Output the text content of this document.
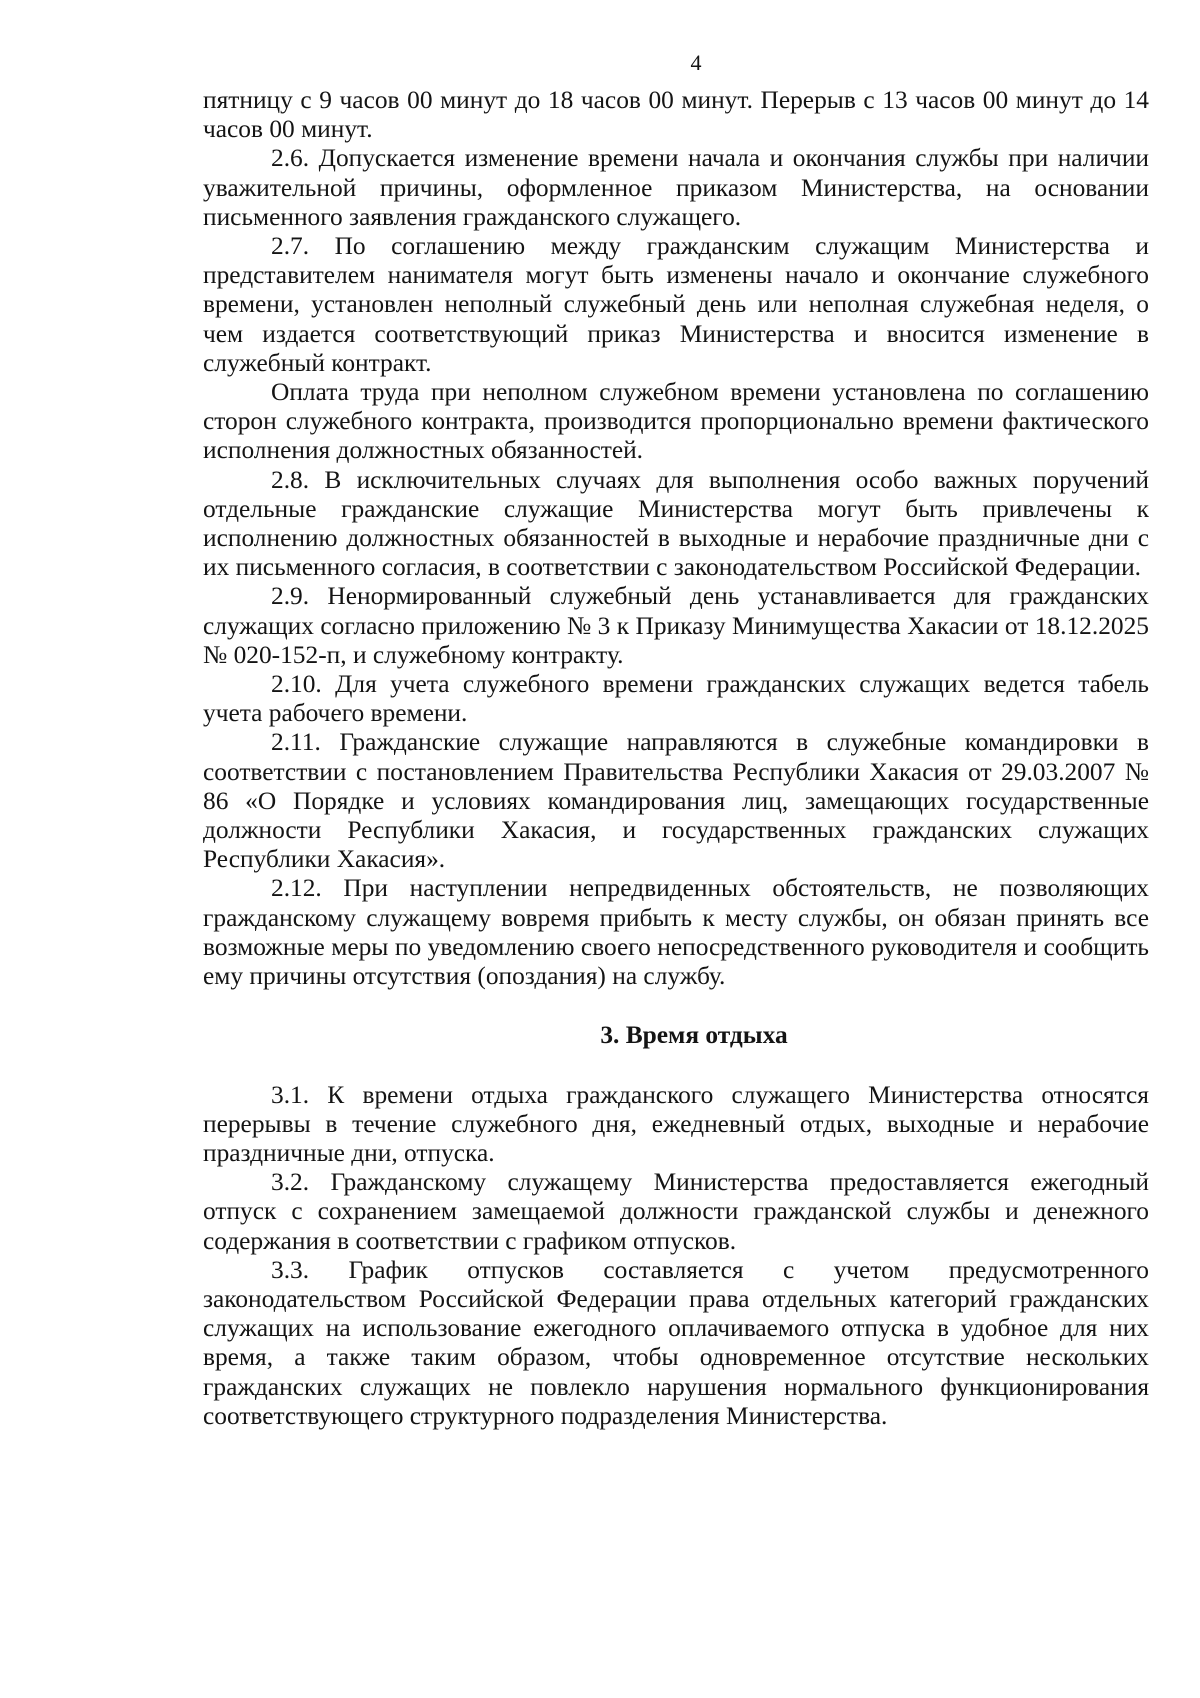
4

пятницу с 9 часов 00 минут до 18 часов 00 минут. Перерыв с 13 часов 00 минут до 14 часов 00 минут.

2.6. Допускается изменение времени начала и окончания службы при наличии уважительной причины, оформленное приказом Министерства, на основании письменного заявления гражданского служащего.

2.7. По соглашению между гражданским служащим Министерства и представителем нанимателя могут быть изменены начало и окончание служебного времени, установлен неполный служебный день или неполная служебная неделя, о чем издается соответствующий приказ Министерства и вносится изменение в служебный контракт.

Оплата труда при неполном служебном времени установлена по соглашению сторон служебного контракта, производится пропорционально времени фактического исполнения должностных обязанностей.

2.8. В исключительных случаях для выполнения особо важных поручений отдельные гражданские служащие Министерства могут быть привлечены к исполнению должностных обязанностей в выходные и нерабочие праздничные дни с их письменного согласия, в соответствии с законодательством Российской Федерации.

2.9. Ненормированный служебный день устанавливается для гражданских служащих согласно приложению № 3 к Приказу Минимущества Хакасии от 18.12.2025 № 020-152-п, и служебному контракту.

2.10. Для учета служебного времени гражданских служащих ведется табель учета рабочего времени.

2.11. Гражданские служащие направляются в служебные командировки в соответствии с постановлением Правительства Республики Хакасия от 29.03.2007 № 86 «О Порядке и условиях командирования лиц, замещающих государственные должности Республики Хакасия, и государственных гражданских служащих Республики Хакасия».

2.12. При наступлении непредвиденных обстоятельств, не позволяющих гражданскому служащему вовремя прибыть к месту службы, он обязан принять все возможные меры по уведомлению своего непосредственного руководителя и сообщить ему причины отсутствия (опоздания) на службу.

3. Время отдыха

3.1. К времени отдыха гражданского служащего Министерства относятся перерывы в течение служебного дня, ежедневный отдых, выходные и нерабочие праздничные дни, отпуска.

3.2. Гражданскому служащему Министерства предоставляется ежегодный отпуск с сохранением замещаемой должности гражданской службы и денежного содержания в соответствии с графиком отпусков.

3.3. График отпусков составляется с учетом предусмотренного законодательством Российской Федерации права отдельных категорий гражданских служащих на использование ежегодного оплачиваемого отпуска в удобное для них время, а также таким образом, чтобы одновременное отсутствие нескольких гражданских служащих не повлекло нарушения нормального функционирования соответствующего структурного подразделения Министерства.
